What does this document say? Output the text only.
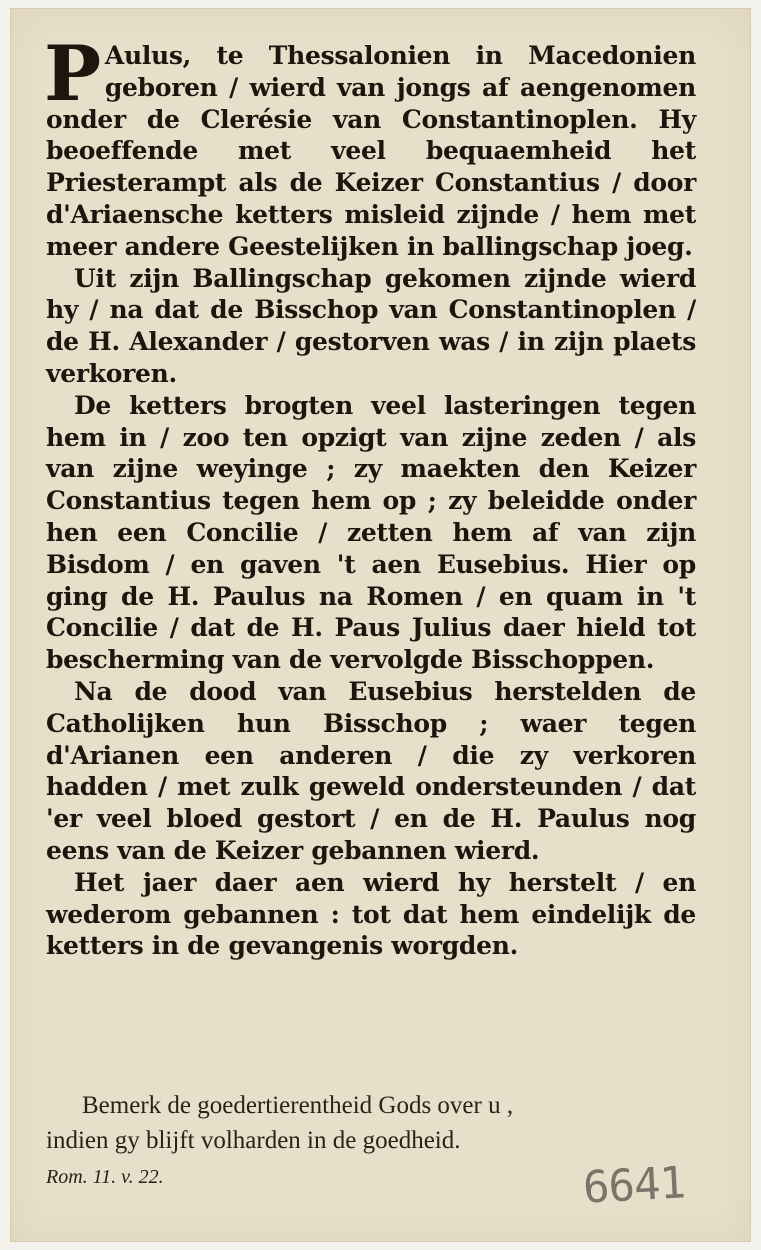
P Aulus, te Thessalonien in Macedonien geboren / wierd van jongs af aengenomen onder de Clerésie van Constantinoplen. Hy beoeffende met veel bequaemheid het Priesterampt als de Keizer Constantius / door d'Ariaensche ketters misleid zijnde / hem met meer andere Geestelijken in ballingschap joeg.

Uit zijn Ballingschap gekomen zijnde wierd hy / na dat de Bisschop van Constantinoplen / de H. Alexander / gestorven was / in zijn plaets verkoren.

De ketters brogten veel lasteringen tegen hem in / zoo ten opzigt van zijne zeden / als van zijne weyinge ; zy maekten den Keizer Constantius tegen hem op ; zy beleidde onder hen een Concilie / zetten hem af van zijn Bisdom / en gaven 't aen Eusebius. Hier op ging de H. Paulus na Romen / en quam in 't Concilie / dat de H. Paus Julius daer hield tot bescherming van de vervolgde Bisschoppen.

Na de dood van Eusebius herstelden de Catholijken hun Bisschop ; waer tegen d'Arianen een anderen / die zy verkoren hadden / met zulk geweld ondersteunden / dat 'er veel bloed gestort / en de H. Paulus nog eens van de Keizer gebannen wierd.

Het jaer daer aen wierd hy herstelt / en wederom gebannen : tot dat hem eindelijk de ketters in de gevangenis worgden.

Bemerk de goedertierentheid Gods over u ,
indien gy blijft volharden in de goedheid.
Rom. 11. v. 22.	6641
